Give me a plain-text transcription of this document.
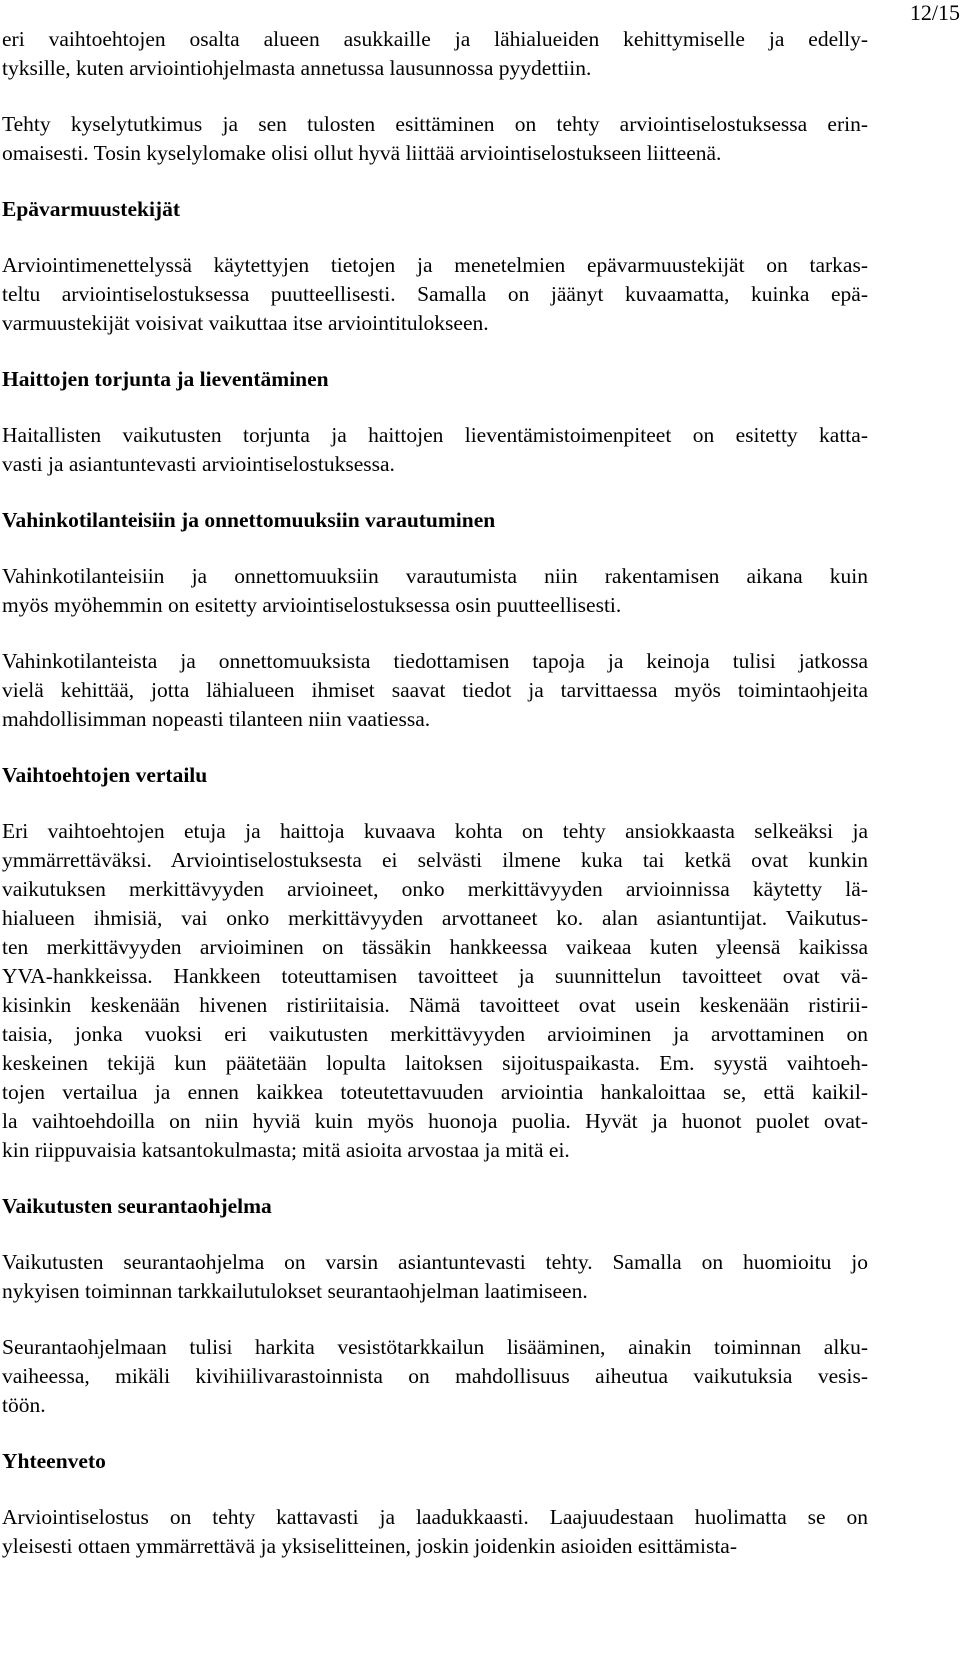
12/15
eri vaihtoehtojen osalta alueen asukkaille ja lähialueiden kehittymiselle ja edelly-
tyksille, kuten arviointiohjelmasta annetussa lausunnossa pyydettiin.
Tehty kyselytutkimus ja sen tulosten esittäminen on tehty arviointiselostuksessa erin-
omaisesti. Tosin kyselylomake olisi ollut hyvä liittää arviointiselostukseen liitteenä.
Epävarmuustekijät
Arviointimenettelyssä käytettyjen tietojen ja menetelmien epävarmuustekijät on tarkas-
teltu arviointiselostuksessa puutteellisesti. Samalla on jäänyt kuvaamatta, kuinka epä-
varmuustekijät voisivat vaikuttaa itse arviointitulokseen.
Haittojen torjunta ja lieventäminen
Haitallisten vaikutusten torjunta ja haittojen lieventämistoimenpiteet on esitetty katta-
vasti ja asiantuntevasti arviointiselostuksessa.
Vahinkotilanteisiin ja onnettomuuksiin varautuminen
Vahinkotilanteisiin ja onnettomuuksiin varautumista niin rakentamisen aikana kuin
myös myöhemmin on esitetty arviointiselostuksessa osin puutteellisesti.
Vahinkotilanteista ja onnettomuuksista tiedottamisen tapoja ja keinoja tulisi jatkossa
vielä kehittää, jotta lähialueen ihmiset saavat tiedot ja tarvittaessa myös toimintaohjeita
mahdollisimman nopeasti tilanteen niin vaatiessa.
Vaihtoehtojen vertailu
Eri vaihtoehtojen etuja ja haittoja kuvaava kohta on tehty ansiokkaasta selkeäksi ja
ymmärrettäväksi. Arviointiselostuksesta ei selvästi ilmene kuka tai ketkä ovat kunkin
vaikutuksen merkittävyyden arvioineet, onko merkittävyyden arvioinnissa käytetty lä-
hialueen ihmisiä, vai onko merkittävyyden arvottaneet ko. alan asiantuntijat. Vaikutus-
ten merkittävyyden arvioiminen on tässäkin hankkeessa vaikeaa kuten yleensä kaikissa
YVA-hankkeissa. Hankkeen toteuttamisen tavoitteet ja suunnittelun tavoitteet ovat vä-
kisinkin keskenään hivenen ristiriitaisia. Nämä tavoitteet ovat usein keskenään ristirii-
taisia, jonka vuoksi eri vaikutusten merkittävyyden arvioiminen ja arvottaminen on
keskeinen tekijä kun päätetään lopulta laitoksen sijoituspaikasta. Em. syystä vaihtoeh-
tojen vertailua ja ennen kaikkea toteutettavuuden arviointia hankaloittaa se, että kaikil-
la vaihtoehdoilla on niin hyviä kuin myös huonoja puolia. Hyvät ja huonot puolet ovat-
kin riippuvaisia katsantokulmasta; mitä asioita arvostaa ja mitä ei.
Vaikutusten seurantaohjelma
Vaikutusten seurantaohjelma on varsin asiantuntevasti tehty. Samalla on huomioitu jo
nykyisen toiminnan tarkkailutulokset seurantaohjelman laatimiseen.
Seurantaohjelmaan tulisi harkita vesistötarkkailun lisääminen, ainakin toiminnan alku-
vaiheessa, mikäli kivihiilivarastoinnista on mahdollisuus aiheutua vaikutuksia vesis-
töön.
Yhteenveto
Arviointiselostus on tehty kattavasti ja laadukkaasti. Laajuudestaan huolimatta se on
yleisesti ottaen ymmärrettävä ja yksiselitteinen, joskin joidenkin asioiden esittämista-
